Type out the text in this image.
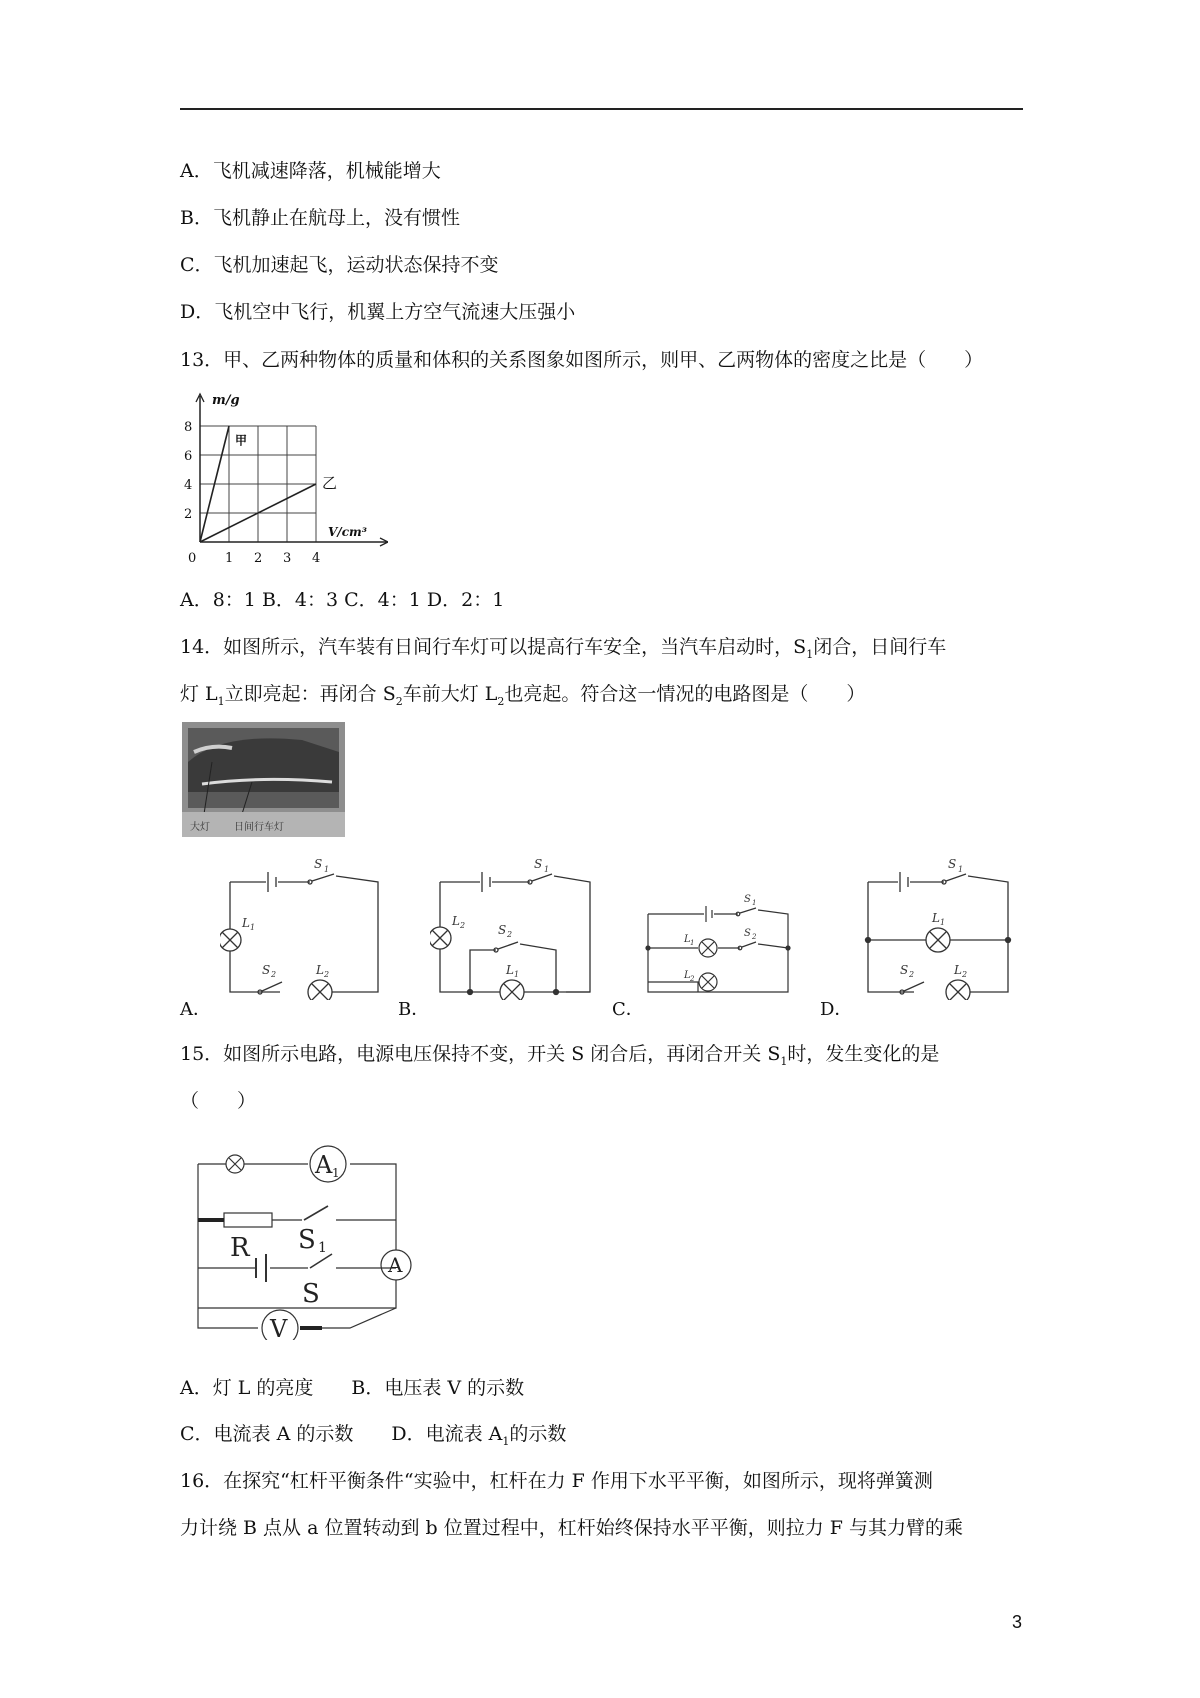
A．飞机减速降落，机械能增大
B．飞机静止在航母上，没有惯性
C．飞机加速起飞，运动状态保持不变
D．飞机空中飞行，机翼上方空气流速大压强小
13．甲、乙两种物体的质量和体积的关系图象如图所示，则甲、乙两物体的密度之比是（　　）
1 2 3 4
2
4
6
8
0
m/g
V/cm³
甲
乙
A．8：1 B．4：3 C．4：1 D．2：1
14．如图所示，汽车装有日间行车灯可以提高行车安全，当汽车启动时，$S_1$闭合，日间行车
灯 $L_1$立即亮起：再闭合 $S_2$车前大灯 $L_2$也亮起。符合这一情况的电路图是（　　）
大灯 日间行车灯
A．
S 1
L 1
S 2	L 2
B．
S 1
L 2	S 2
L 1
C．
S 1
L 1
S 2
L 2
D．
S 1
L 1
S 2	L 2
15．如图所示电路，电源电压保持不变，开关 S 闭合后，再闭合开关 $S_1$时，发生变化的是
（　　）
A 1
A
V
R S 1
S
A．灯 L 的亮度　　B．电压表 V 的示数
C．电流表 A 的示数　　D．电流表 $A_1$的示数
16．在探究“杠杆平衡条件“实验中，杠杆在力 F 作用下水平平衡，如图所示，现将弹簧测
力计绕 B 点从 a 位置转动到 b 位置过程中，杠杆始终保持水平平衡，则拉力 F 与其力臂的乘
3
